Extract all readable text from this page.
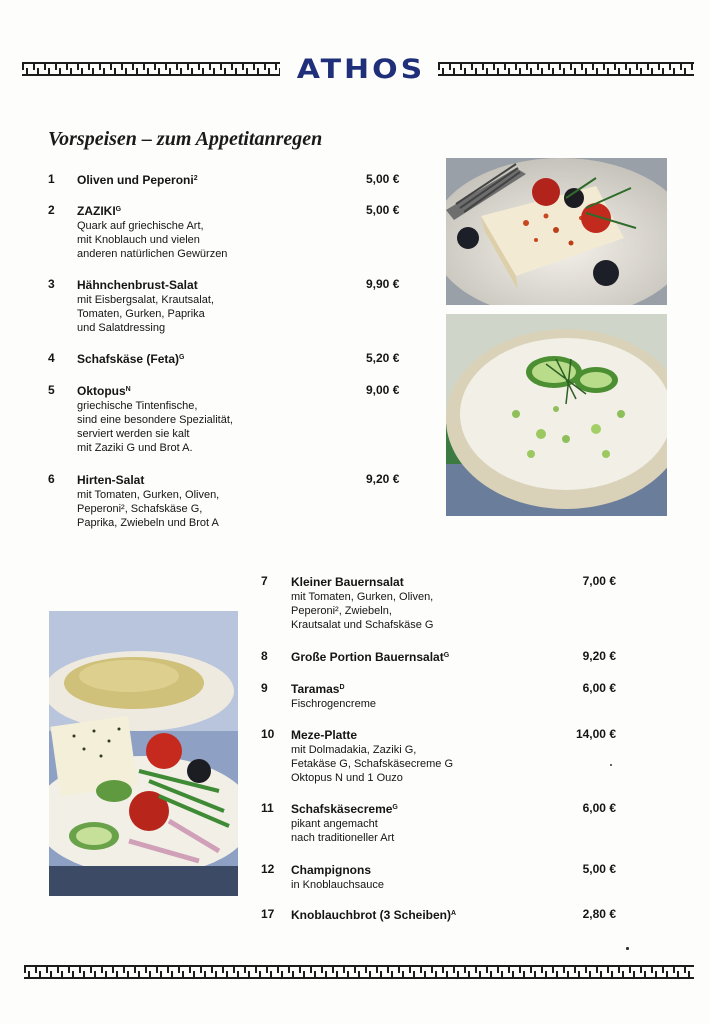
ATHOS
Vorspeisen – zum Appetitanregen
1 Oliven und Peperoni$^2$	5,00 €
2 $ZAZIKI^G$
Quark auf griechische Art,
mit Knoblauch und vielen
anderen natürlichen Gewürzen
5,00 €
3 Hähnchenbrust-Salat
mit Eisbergsalat, Krautsalat,
Tomaten, Gurken, Paprika
und Salatdressing
9,90 €
4 Schafskäse (Feta)$^G$	5,20 €
5 Oktopus$^N$
griechische Tintenfische,
sind eine besondere Spezialität,
serviert werden sie kalt
mit Zaziki G und Brot A.
9,00 €
6 Hirten-Salat
mit Tomaten, Gurken, Oliven,
Peperoni², Schafskäse G,
Paprika, Zwiebeln und Brot A
9,20 €
7 Kleiner Bauernsalat
mit Tomaten, Gurken, Oliven,
Peperoni², Zwiebeln,
Krautsalat und Schafskäse G
7,00 €
8 Große Portion Bauernsalat$^G$	9,20 €
9 Taramas$^D$
Fischrogencreme
6,00 €
10 Meze-Platte
mit Dolmadakia, Zaziki G,
Fetakäse G, Schafskäsecreme G
Oktopus N und 1 Ouzo
14,00 €
11 Schafskäsecreme$^G$
pikant angemacht
nach traditioneller Art
6,00 €
12 Champignons
in Knoblauchsauce
5,00 €
17 Knoblauchbrot (3 Scheiben)$^A$	2,80 €
